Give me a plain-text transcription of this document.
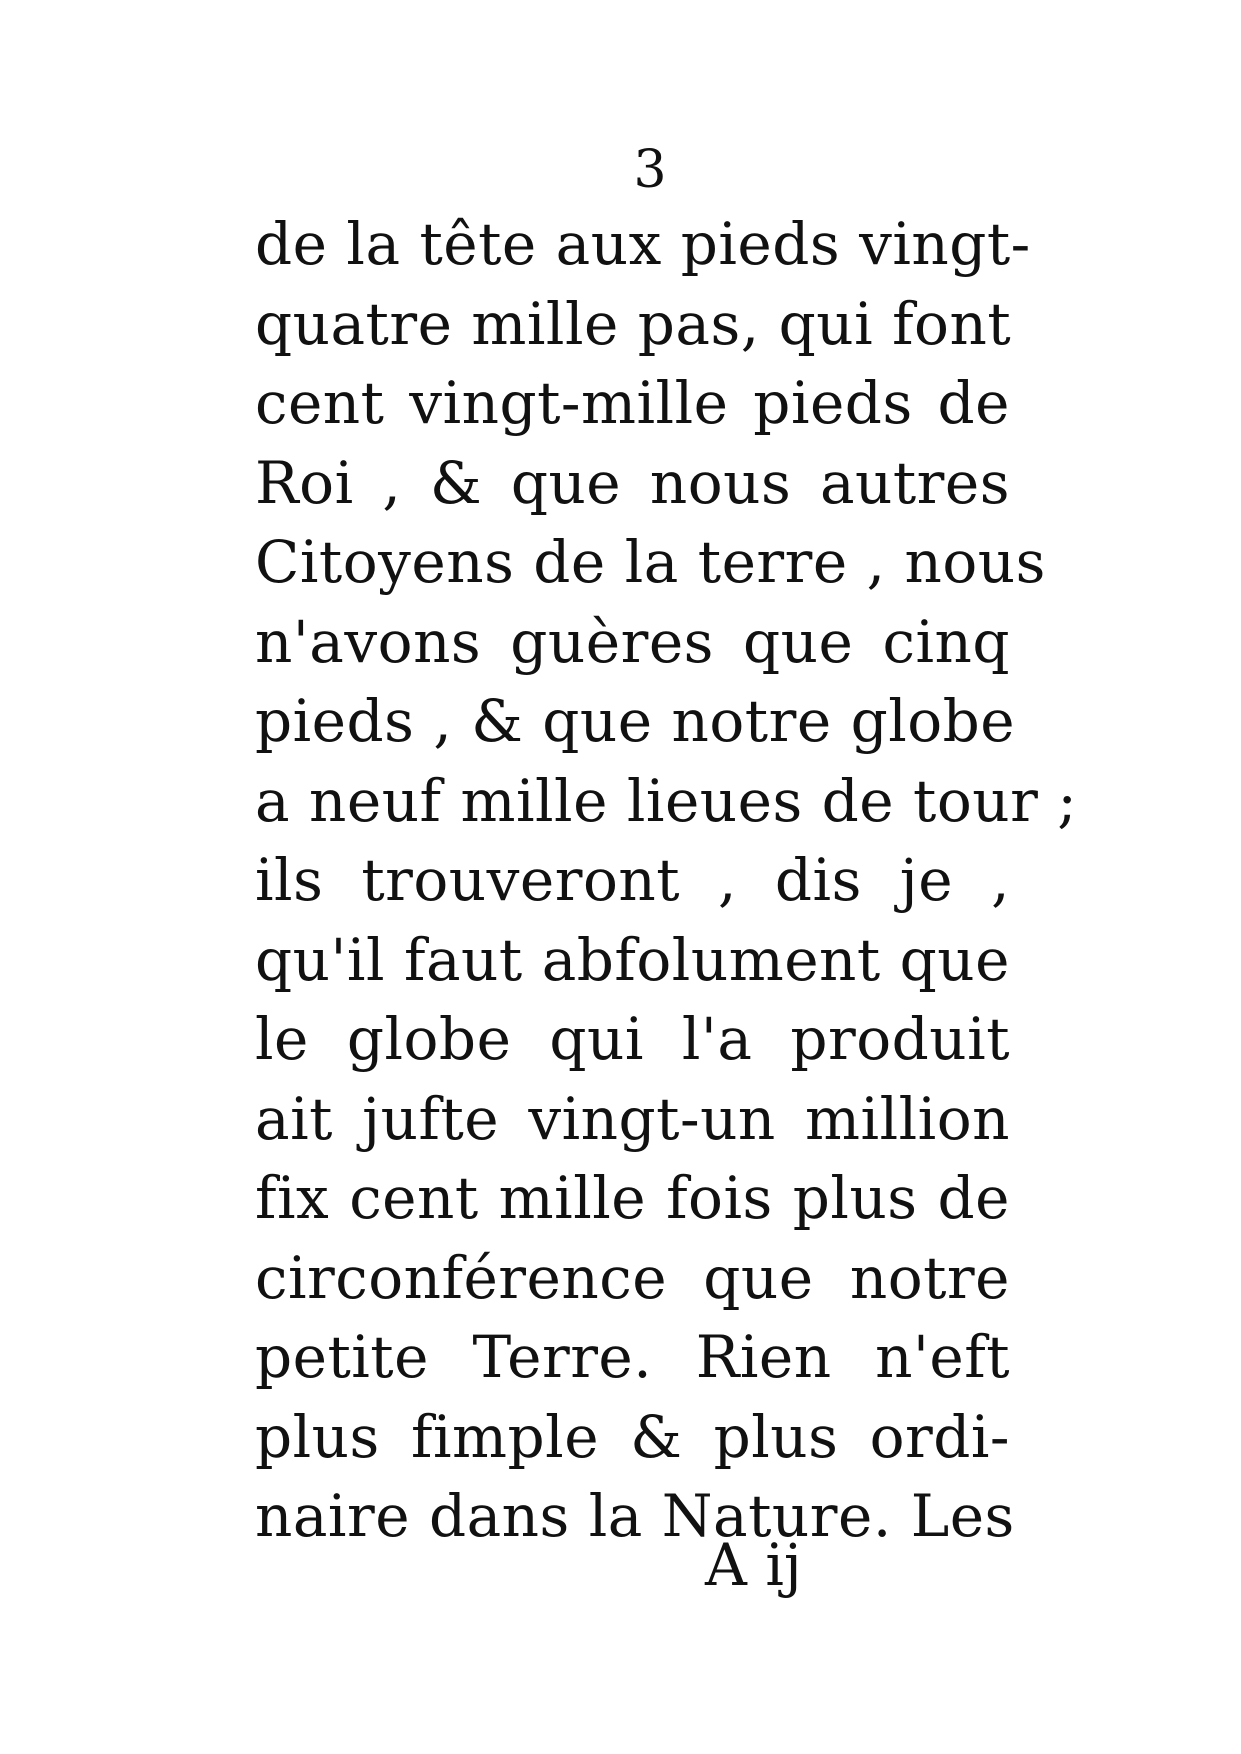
3
de la tête aux pieds vingt-
quatre mille pas, qui font
cent vingt-mille pieds de
Roi , & que nous autres
Citoyens de la terre , nous
n'avons guères que cinq
pieds , & que notre globe
a neuf mille lieues de tour ;
ils trouveront , dis je ,
qu'il faut abfolument que
le globe qui l'a produit
ait jufte vingt-un million
fix cent mille fois plus de
circonférence que notre
petite Terre. Rien n'eft
plus fimple & plus ordi-
naire dans la Nature. Les
A ij
